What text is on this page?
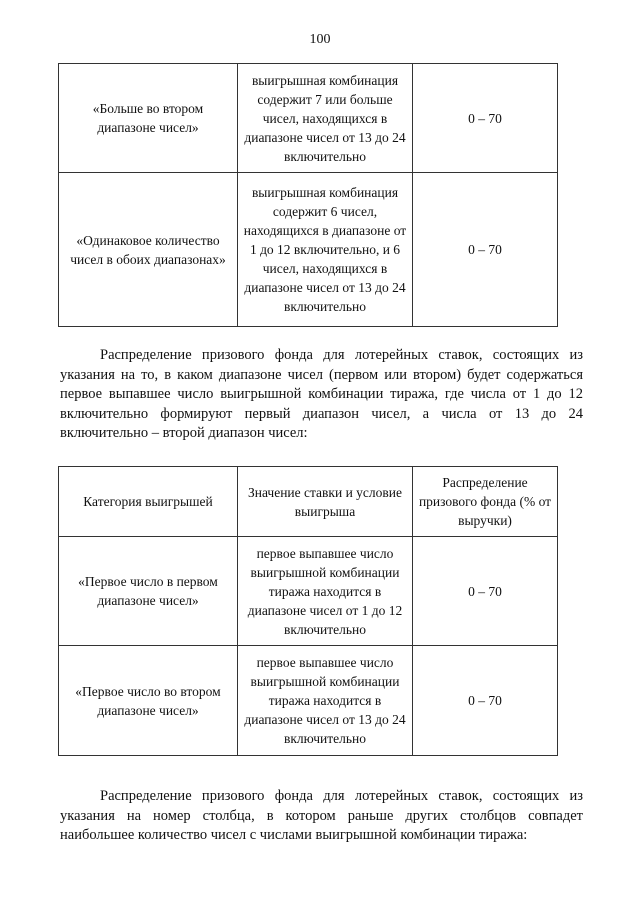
100
«Больше во втором диапазоне чисел»	выигрышная комбинация содержит 7 или больше чисел, находящихся в диапазоне чисел от 13 до 24 включительно	0 – 70
«Одинаковое количество чисел в обоих диапазонах»	выигрышная комбинация содержит 6 чисел, находящихся в диапазоне от 1 до 12 включительно, и 6 чисел, находящихся в диапазоне чисел от 13 до 24 включительно	0 – 70

Распределение призового фонда для лотерейных ставок, состоящих из указания на то, в каком диапазоне чисел (первом или втором) будет содержаться первое выпавшее число выигрышной комбинации тиража, где числа от 1 до 12 включительно формируют первый диапазон чисел, а числа от 13 до 24 включительно – второй диапазон чисел:

Категория выигрышей	Значение ставки и условие выигрыша	Распределение призового фонда (% от выручки)
«Первое число в первом диапазоне чисел»	первое выпавшее число выигрышной комбинации тиража находится в диапазоне чисел от 1 до 12 включительно	0 – 70
«Первое число во втором диапазоне чисел»	первое выпавшее число выигрышной комбинации тиража находится в диапазоне чисел от 13 до 24 включительно	0 – 70

Распределение призового фонда для лотерейных ставок, состоящих из указания на номер столбца, в котором раньше других столбцов совпадет наибольшее количество чисел с числами выигрышной комбинации тиража:
